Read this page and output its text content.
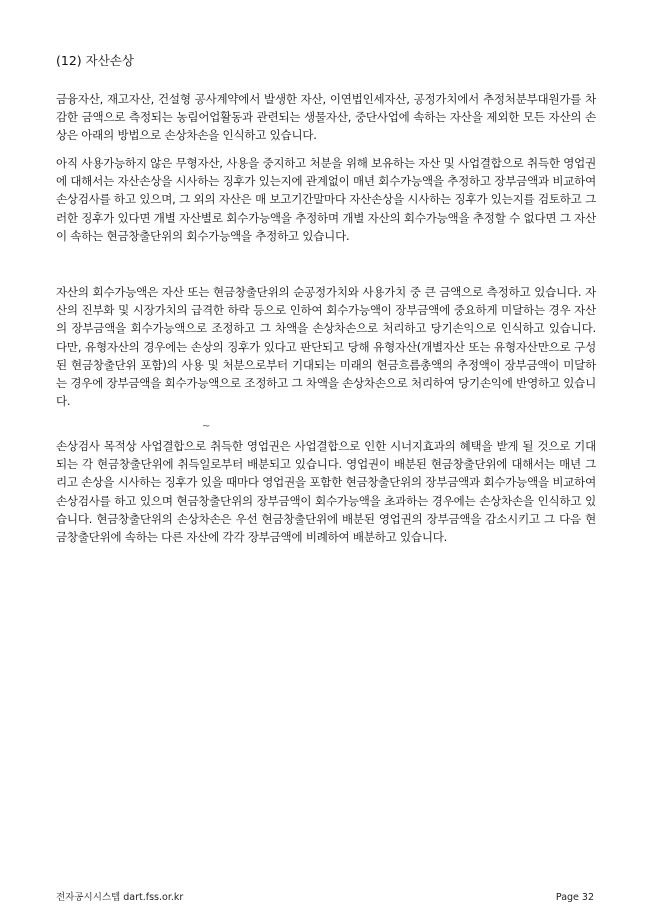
(12) 자산손상

금융자산, 재고자산, 건설형 공사계약에서 발생한 자산, 이연법인세자산, 공정가치에서 추정처분부대원가를 차감한 금액으로 측정되는 농림어업활동과 관련되는 생물자산, 중단사업에 속하는 자산을 제외한 모든 자산의 손상은 아래의 방법으로 손상차손을 인식하고 있습니다.

아직 사용가능하지 않은 무형자산, 사용을 중지하고 처분을 위해 보유하는 자산 및 사업결합으로 취득한 영업권에 대해서는 자산손상을 시사하는 징후가 있는지에 관계없이 매년 회수가능액을 추정하고 장부금액과 비교하여 손상검사를 하고 있으며, 그 외의 자산은 매 보고기간말마다 자산손상을 시사하는 징후가 있는지를 검토하고 그러한 징후가 있다면 개별 자산별로 회수가능액을 추정하며 개별 자산의 회수가능액을 추정할 수 없다면 그 자산이 속하는 현금창출단위의 회수가능액을 추정하고 있습니다.

자산의 회수가능액은 자산 또는 현금창출단위의 순공정가치와 사용가치 중 큰 금액으로 측정하고 있습니다. 자산의 진부화 및 시장가치의 급격한 하락 등으로 인하여 회수가능액이 장부금액에 중요하게 미달하는 경우 자산의 장부금액을 회수가능액으로 조정하고 그 차액을 손상차손으로 처리하고 당기손익으로 인식하고 있습니다. 다만, 유형자산의 경우에는 손상의 징후가 있다고 판단되고 당해 유형자산(개별자산 또는 유형자산만으로 구성된 현금창출단위 포함)의 사용 및 처분으로부터 기대되는 미래의 현금흐름총액의 추정액이 장부금액이 미달하는 경우에 장부금액을 회수가능액으로 조정하고 그 차액을 손상차손으로 처리하여 당기손익에 반영하고 있습니다.

~

손상검사 목적상 사업결합으로 취득한 영업권은 사업결합으로 인한 시너지효과의 혜택을 받게 될 것으로 기대되는 각 현금창출단위에 취득일로부터 배분되고 있습니다. 영업권이 배분된 현금창출단위에 대해서는 매년 그리고 손상을 시사하는 징후가 있을 때마다 영업권을 포함한 현금창출단위의 장부금액과 회수가능액을 비교하여 손상검사를 하고 있으며 현금창출단위의 장부금액이 회수가능액을 초과하는 경우에는 손상차손을 인식하고 있습니다. 현금창출단위의 손상차손은 우선 현금창출단위에 배분된 영업권의 장부금액을 감소시키고 그 다음 현금창출단위에 속하는 다른 자산에 각각 장부금액에 비례하여 배분하고 있습니다.

전자공시시스템 dart.fss.or.kr	Page 32
